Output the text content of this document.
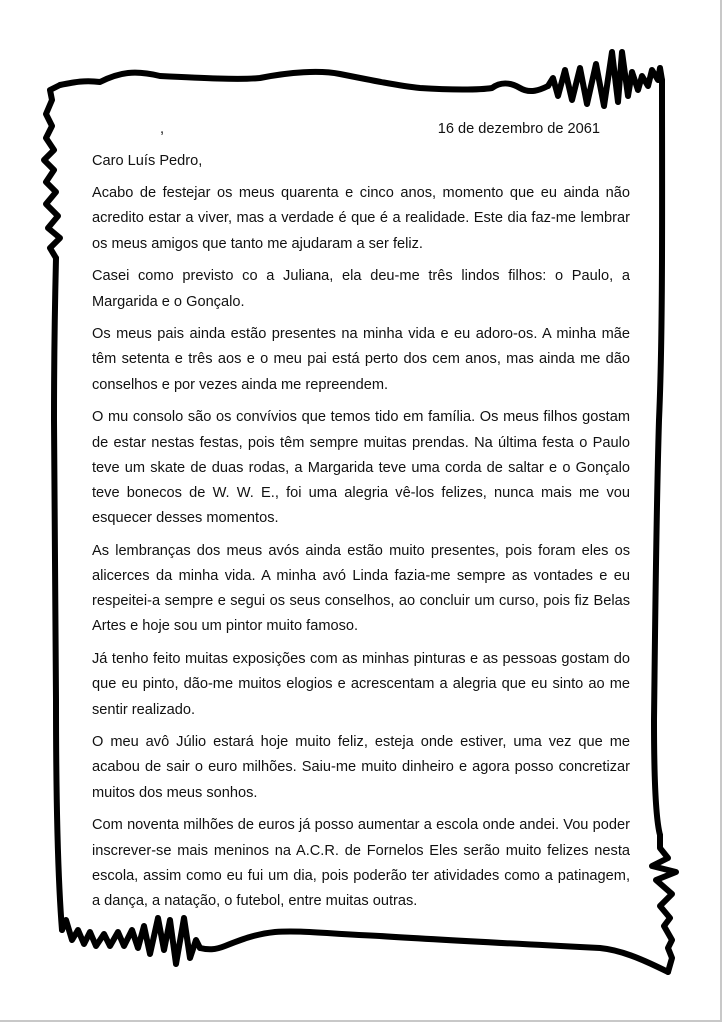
,	16 de dezembro de 2061

Caro Luís Pedro,

Acabo de festejar os meus quarenta e cinco anos, momento que eu ainda não acredito estar a viver, mas a verdade é que é a realidade. Este dia faz-me lembrar os meus amigos que tanto me ajudaram a ser feliz.

Casei como previsto co a Juliana, ela deu-me três lindos filhos: o Paulo, a Margarida e o Gonçalo.

Os meus pais ainda estão presentes na minha vida e eu adoro-os. A minha mãe têm setenta e três aos e o meu pai está perto dos cem anos, mas ainda me dão conselhos e por vezes ainda me repreendem.

O mu consolo são os convívios que temos tido em família. Os meus filhos gostam de estar nestas festas, pois têm sempre muitas prendas. Na última festa o Paulo teve um skate de duas rodas, a Margarida teve uma corda de saltar e o Gonçalo teve bonecos de W. W. E., foi uma alegria vê-los felizes, nunca mais me vou esquecer desses momentos.

As lembranças dos meus avós ainda estão muito presentes, pois foram eles os alicerces da minha vida. A minha avó Linda fazia-me sempre as vontades e eu respeitei-a sempre e segui os seus conselhos, ao concluir um curso, pois fiz Belas Artes e hoje sou um pintor muito famoso.

Já tenho feito muitas exposições com as minhas pinturas e as pessoas gostam do que eu pinto, dão-me muitos elogios e acrescentam a alegria que eu sinto ao me sentir realizado.

O meu avô Júlio estará hoje muito feliz, esteja onde estiver, uma vez que me acabou de sair o euro milhões. Saiu-me muito dinheiro e agora posso concretizar muitos dos meus sonhos.

Com noventa milhões de euros já posso aumentar a escola onde andei. Vou poder inscrever-se mais meninos na A.C.R. de Fornelos Eles serão muito felizes nesta escola, assim como eu fui um dia, pois poderão ter atividades como a patinagem, a dança, a natação, o futebol, entre muitas outras.
